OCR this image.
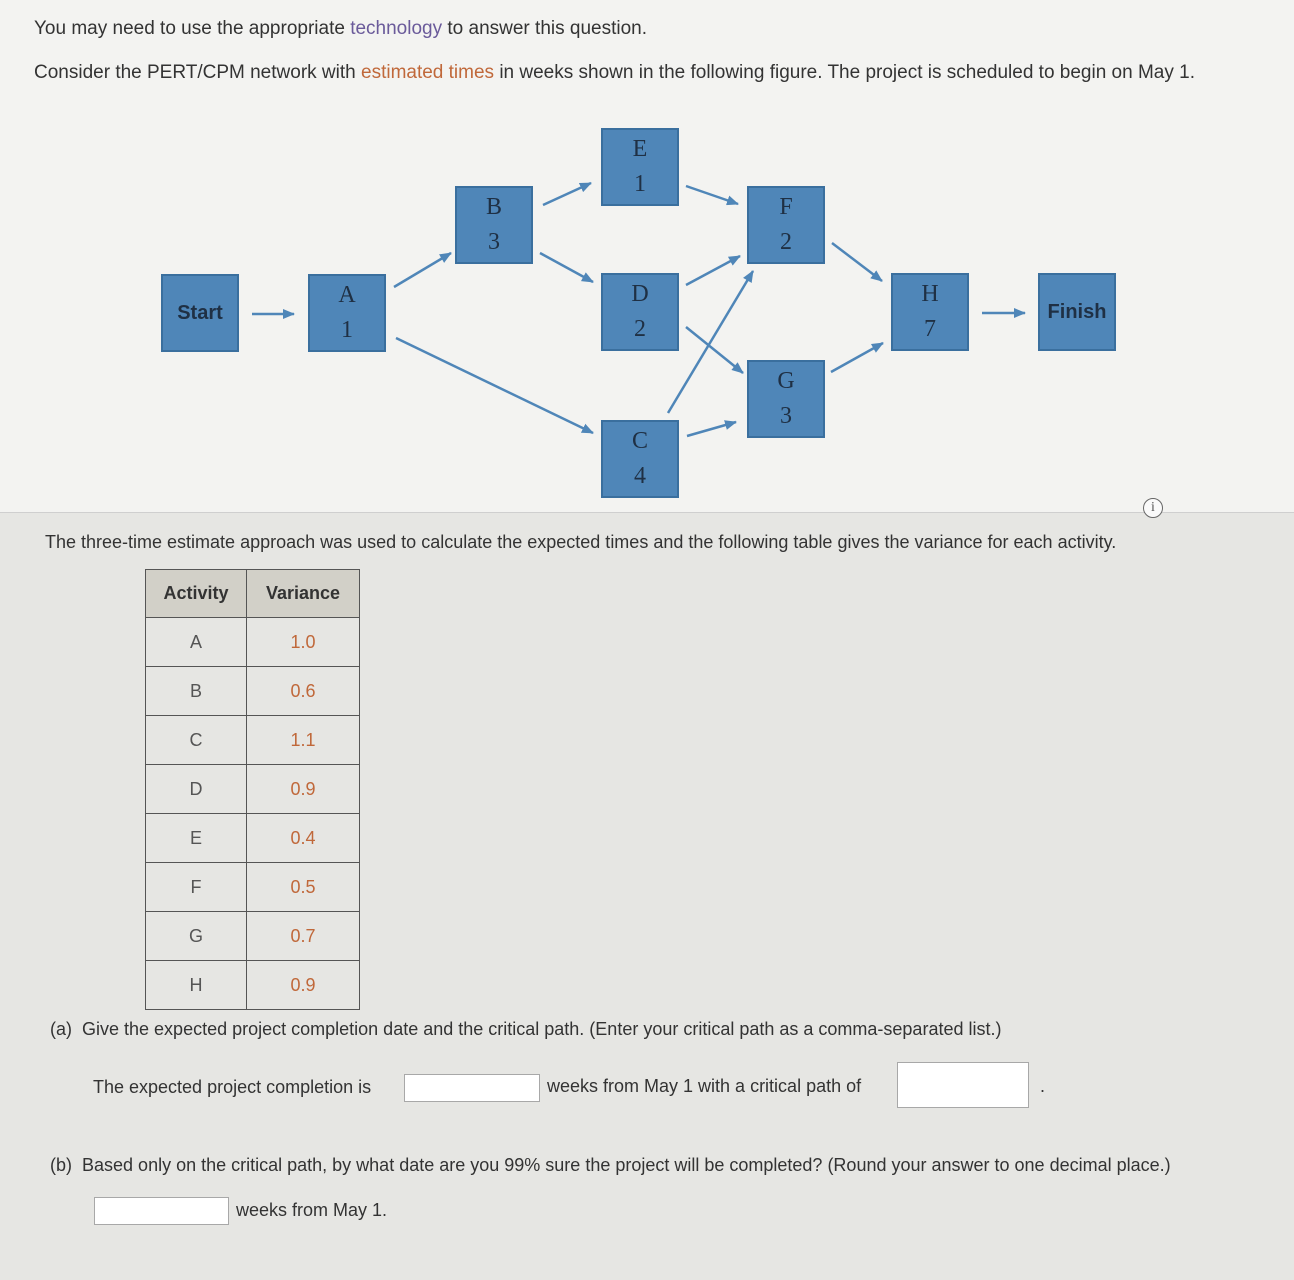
You may need to use the appropriate technology to answer this question.
Consider the PERT/CPM network with estimated times in weeks shown in the following figure. The project is scheduled to begin on May 1.
Start
A
1
B
3
E
1
D
2
C
4
F
2
G
3
H
7
Finish
i
The three-time estimate approach was used to calculate the expected times and the following table gives the variance for each activity.
Activity	Variance
A	1.0
B	0.6
C	1.1
D	0.9
E	0.4
F	0.5
G	0.7
H	0.9
(a) Give the expected project completion date and the critical path. (Enter your critical path as a comma-separated list.)
The expected project completion is	weeks from May 1 with a critical path of	.
(b) Based only on the critical path, by what date are you 99% sure the project will be completed? (Round your answer to one decimal place.)
weeks from May 1.
